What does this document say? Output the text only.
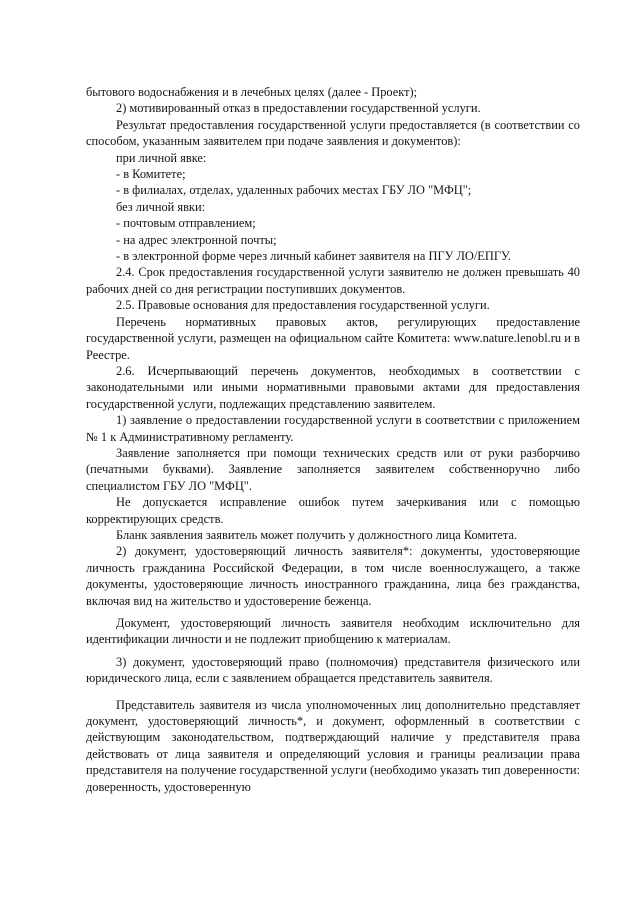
бытового водоснабжения и в лечебных целях (далее - Проект);

2) мотивированный отказ в предоставлении государственной услуги.

Результат предоставления государственной услуги предоставляется (в соответствии со способом, указанным заявителем при подаче заявления и документов):

при личной явке:

- в Комитете;

- в филиалах, отделах, удаленных рабочих местах ГБУ ЛО "МФЦ";

без личной явки:

- почтовым отправлением;

- на адрес электронной почты;

- в электронной форме через личный кабинет заявителя на ПГУ ЛО/ЕПГУ.

2.4. Срок предоставления государственной услуги заявителю не должен превышать 40 рабочих дней со дня регистрации поступивших документов.

2.5. Правовые основания для предоставления государственной услуги.

Перечень нормативных правовых актов, регулирующих предоставление государственной услуги, размещен на официальном сайте Комитета: www.nature.lenobl.ru и в Реестре.

2.6. Исчерпывающий перечень документов, необходимых в соответствии с законодательными или иными нормативными правовыми актами для предоставления государственной услуги, подлежащих представлению заявителем.

1) заявление о предоставлении государственной услуги в соответствии с приложением № 1 к Административному регламенту.

Заявление заполняется при помощи технических средств или от руки разборчиво (печатными буквами). Заявление заполняется заявителем собственноручно либо специалистом ГБУ ЛО "МФЦ".

Не допускается исправление ошибок путем зачеркивания или с помощью корректирующих средств.

Бланк заявления заявитель может получить у должностного лица Комитета.

2) документ, удостоверяющий личность заявителя*: документы, удостоверяющие личность гражданина Российской Федерации, в том числе военнослужащего, а также документы, удостоверяющие личность иностранного гражданина, лица без гражданства, включая вид на жительство и удостоверение беженца.

Документ, удостоверяющий личность заявителя необходим исключительно для идентификации личности и не подлежит приобщению к материалам.

3) документ, удостоверяющий право (полномочия) представителя физического или юридического лица, если с заявлением обращается представитель заявителя.

Представитель заявителя из числа уполномоченных лиц дополнительно представляет документ, удостоверяющий личность*, и документ, оформленный в соответствии с действующим законодательством, подтверждающий наличие у представителя права действовать от лица заявителя и определяющий условия и границы реализации права представителя на получение государственной услуги (необходимо указать тип доверенности: доверенность, удостоверенную
